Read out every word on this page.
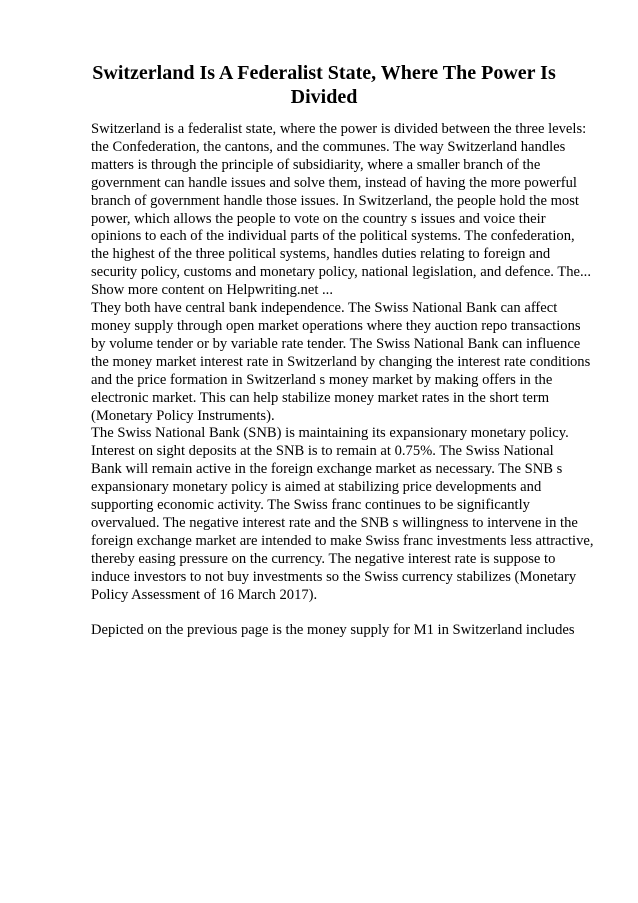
Switzerland Is A Federalist State, Where The Power Is
Divided

Switzerland is a federalist state, where the power is divided between the three levels:
the Confederation, the cantons, and the communes. The way Switzerland handles
matters is through the principle of subsidiarity, where a smaller branch of the
government can handle issues and solve them, instead of having the more powerful
branch of government handle those issues. In Switzerland, the people hold the most
power, which allows the people to vote on the country s issues and voice their
opinions to each of the individual parts of the political systems. The confederation,
the highest of the three political systems, handles duties relating to foreign and
security policy, customs and monetary policy, national legislation, and defence. The...
Show more content on Helpwriting.net ...

They both have central bank independence. The Swiss National Bank can affect
money supply through open market operations where they auction repo transactions
by volume tender or by variable rate tender. The Swiss National Bank can influence
the money market interest rate in Switzerland by changing the interest rate conditions
and the price formation in Switzerland s money market by making offers in the
electronic market. This can help stabilize money market rates in the short term
(Monetary Policy Instruments).

The Swiss National Bank (SNB) is maintaining its expansionary monetary policy.
Interest on sight deposits at the SNB is to remain at 0.75%. The Swiss National
Bank will remain active in the foreign exchange market as necessary. The SNB s
expansionary monetary policy is aimed at stabilizing price developments and
supporting economic activity. The Swiss franc continues to be significantly
overvalued. The negative interest rate and the SNB s willingness to intervene in the
foreign exchange market are intended to make Swiss franc investments less attractive,
thereby easing pressure on the currency. The negative interest rate is suppose to
induce investors to not buy investments so the Swiss currency stabilizes (Monetary
Policy Assessment of 16 March 2017).

Depicted on the previous page is the money supply for M1 in Switzerland includes
